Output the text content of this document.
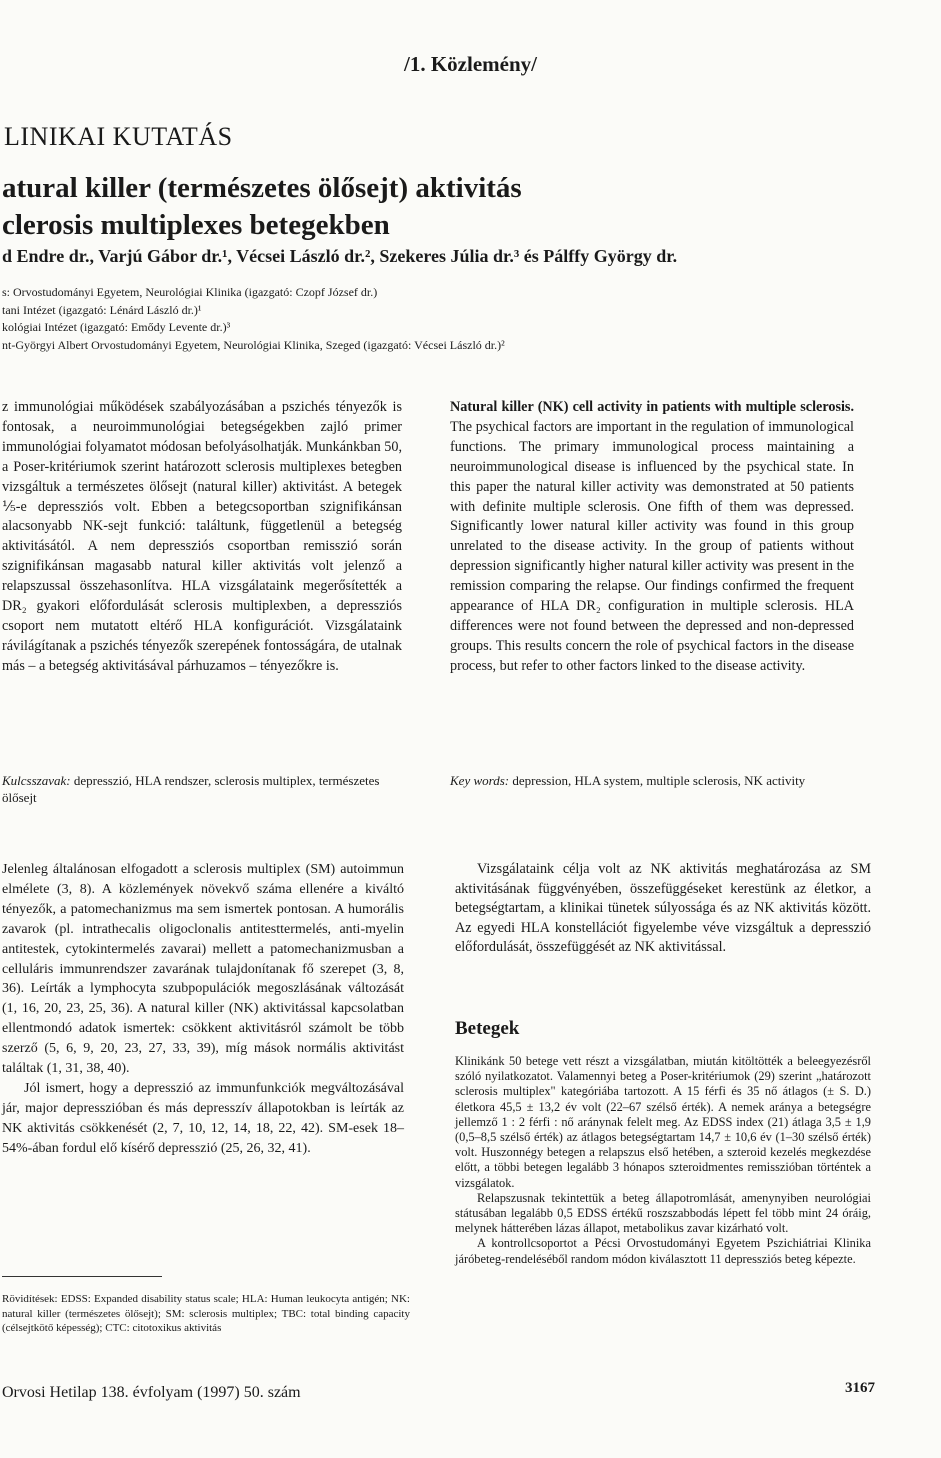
/1. Közlemény/
LINIKAI KUTATÁS
atural killer (természetes ölősejt) aktivitás
clerosis multiplexes betegekben
d Endre dr., Varjú Gábor dr.¹, Vécsei László dr.², Szekeres Júlia dr.³ és Pálffy György dr.
s: Orvostudományi Egyetem, Neurológiai Klinika (igazgató: Czopf József dr.)
tani Intézet (igazgató: Lénárd László dr.)¹
kológiai Intézet (igazgató: Emődy Levente dr.)³
nt-Györgyi Albert Orvostudományi Egyetem, Neurológiai Klinika, Szeged (igazgató: Vécsei László dr.)²
z immunológiai működések szabályozásában a pszichés tényezők is fontosak, a neuroimmunológiai betegségekben zajló primer immunológiai folyamatot módosan befolyásolhatják. Munkánkban 50, a Poser-kritériumok szerint határozott sclerosis multiplexes betegben vizsgáltuk a természetes ölősejt (natural killer) aktivitást. A betegek ⅕-e depressziós volt. Ebben a betegcsoportban szignifikánsan alacsonyabb NK-sejt funkció: találtunk, függetlenül a betegség aktivitásától. A nem depressziós csoportban remisszió során szignifikánsan magasabb natural killer aktivitás volt jelenző a relapszussal összehasonlítva. HLA vizsgálataink megerősítették a DR₂ gyakori előfordulását sclerosis multiplexben, a depressziós csoport nem mutatott eltérő HLA konfigurációt. Vizsgálataink rávilágítanak a pszichés tényezők szerepének fontosságára, de utalnak más – a betegség aktivitásával párhuzamos – tényezőkre is.
Natural killer (NK) cell activity in patients with multiple sclerosis. The psychical factors are important in the regulation of immunological functions. The primary immunological process maintaining a neuroimmunological disease is influenced by the psychical state. In this paper the natural killer activity was demonstrated at 50 patients with definite multiple sclerosis. One fifth of them was depressed. Significantly lower natural killer activity was found in this group unrelated to the disease activity. In the group of patients without depression significantly higher natural killer activity was present in the remission comparing the relapse. Our findings confirmed the frequent appearance of HLA DR₂ configuration in multiple sclerosis. HLA differences were not found between the depressed and non-depressed groups. This results concern the role of psychical factors in the disease process, but refer to other factors linked to the disease activity.
Kulcsszavak: depresszió, HLA rendszer, sclerosis multiplex, természetes ölősejt
Key words: depression, HLA system, multiple sclerosis, NK activity

Jelenleg általánosan elfogadott a sclerosis multiplex (SM) autoimmun elmélete (3, 8). A közlemények növekvő száma ellenére a kiváltó tényezők, a patomechanizmus ma sem ismertek pontosan. A humorális zavarok (pl. intrathecalis oligoclonalis antitesttermelés, anti-myelin antitestek, cytokintermelés zavarai) mellett a patomechanizmusban a celluláris immunrendszer zavarának tulajdonítanak fő szerepet (3, 8, 36). Leírták a lymphocyta szubpopulációk megoszlásának változását (1, 16, 20, 23, 25, 36). A natural killer (NK) aktivitással kapcsolatban ellentmondó adatok ismertek: csökkent aktivitásról számolt be több szerző (5, 6, 9, 20, 23, 27, 33, 39), míg mások normális aktivitást találtak (1, 31, 38, 40).

Jól ismert, hogy a depresszió az immunfunkciók megváltozásával jár, major depresszióban és más depresszív állapotokban is leírták az NK aktivitás csökkenését (2, 7, 10, 12, 14, 18, 22, 42). SM-esek 18–54%-ában fordul elő kísérő depresszió (25, 26, 32, 41).

Vizsgálataink célja volt az NK aktivitás meghatározása az SM aktivitásának függvényében, összefüggéseket kerestünk az életkor, a betegségtartam, a klinikai tünetek súlyossága és az NK aktivitás között. Az egyedi HLA konstellációt figyelembe véve vizsgáltuk a depresszió előfordulását, összefüggését az NK aktivitással.
Betegek

Klinikánk 50 betege vett részt a vizsgálatban, miután kitöltötték a beleegyezésről szóló nyilatkozatot. Valamennyi beteg a Poser-kritériumok (29) szerint „határozott sclerosis multiplex" kategóriába tartozott. A 15 férfi és 35 nő átlagos (± S. D.) életkora 45,5 ± 13,2 év volt (22–67 szélső érték). A nemek aránya a betegségre jellemző 1 : 2 férfi : nő aránynak felelt meg. Az EDSS index (21) átlaga 3,5 ± 1,9 (0,5–8,5 szélső érték) az átlagos betegségtartam 14,7 ± 10,6 év (1–30 szélső érték) volt. Huszonnégy betegen a relapszus első hetében, a szteroid kezelés megkezdése előtt, a többi betegen legalább 3 hónapos szteroidmentes remisszióban történtek a vizsgálatok.

Relapszusnak tekintettük a beteg állapotromlását, amenynyiben neurológiai státusában legalább 0,5 EDSS értékű roszszabbodás lépett fel több mint 24 óráig, melynek hátterében lázas állapot, metabolikus zavar kizárható volt.

A kontrollcsoportot a Pécsi Orvostudományi Egyetem Pszichiátriai Klinika járóbeteg-rendeléséből random módon kiválasztott 11 depressziós beteg képezte.

Rövidítések: EDSS: Expanded disability status scale; HLA: Human leukocyta antigén; NK: natural killer (természetes ölősejt); SM: sclerosis multiplex; TBC: total binding capacity (célsejtkötő képesség); CTC: citotoxikus aktivitás
Orvosi Hetilap 138. évfolyam (1997) 50. szám	3167
